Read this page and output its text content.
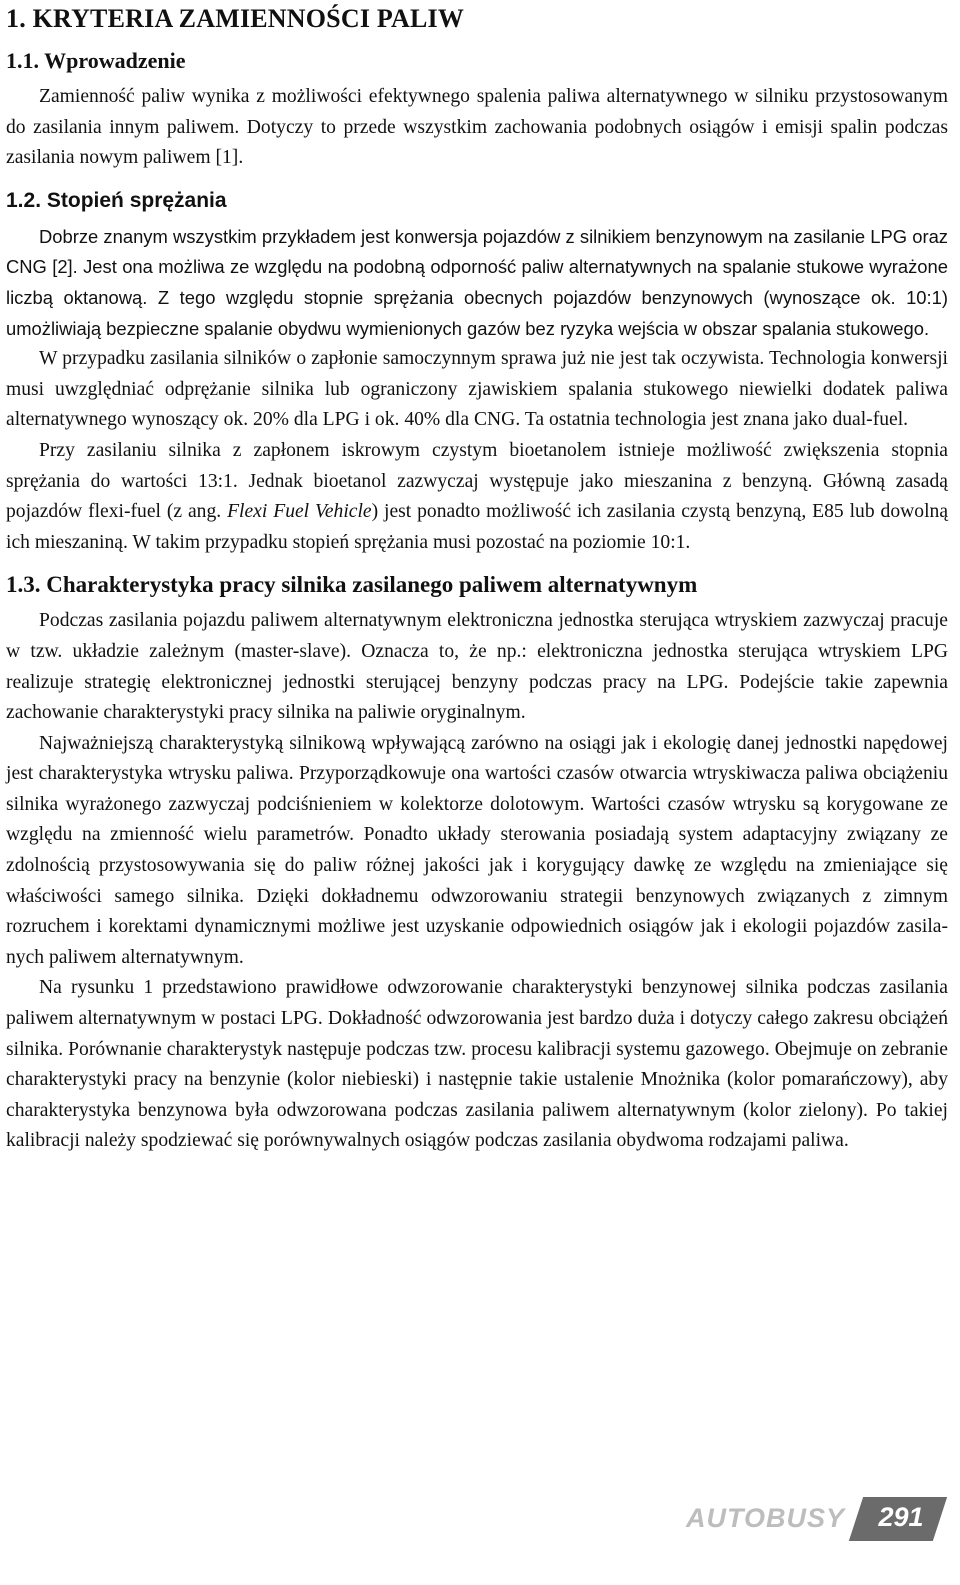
1. KRYTERIA ZAMIENNOŚCI PALIW
1.1. Wprowadzenie

Zamienność paliw wynika z możliwości efektywnego spalenia paliwa alternatywnego w silniku przystosowanym do zasilania innym paliwem. Dotyczy to przede wszystkim zachowania podobnych osiągów i emisji spalin podczas zasilania nowym paliwem [1].

1.2. Stopień sprężania

Dobrze znanym wszystkim przykładem jest konwersja pojazdów z silnikiem benzynowym na zasilanie LPG oraz CNG [2]. Jest ona możliwa ze względu na podobną odporność paliw alternatywnych na spalanie stukowe wyrażone liczbą oktanową. Z tego względu stopnie sprężania obecnych pojazdów benzynowych (wynoszące ok. 10:1) umożliwiają bezpieczne spalanie obydwu wymienionych gazów bez ryzyka wejścia w obszar spalania stukowego.

W przypadku zasilania silników o zapłonie samoczynnym sprawa już nie jest tak oczywista. Technologia konwersji musi uwzględniać odprężanie silnika lub ograniczony zjawiskiem spalania stukowego niewielki dodatek paliwa alternatywnego wynoszący ok. 20% dla LPG i ok. 40% dla CNG. Ta ostatnia technologia jest znana jako dual-fuel.

Przy zasilaniu silnika z zapłonem iskrowym czystym bioetanolem istnieje możliwość zwiększenia stopnia sprężania do wartości 13:1. Jednak bioetanol zazwyczaj występuje jako mieszanina z benzyną. Główną zasadą pojazdów flexi-fuel (z ang. Flexi Fuel Vehicle) jest ponadto możliwość ich zasilania czystą benzyną, E85 lub dowolną ich mieszaniną. W takim przypadku stopień sprężania musi pozostać na poziomie 10:1.

1.3. Charakterystyka pracy silnika zasilanego paliwem alternatywnym

Podczas zasilania pojazdu paliwem alternatywnym elektroniczna jednostka sterująca wtryskiem zazwyczaj pracuje w tzw. układzie zależnym (master-slave). Oznacza to, że np.: elektroniczna jednostka sterująca wtryskiem LPG realizuje strategię elektronicznej jednostki sterującej benzyny podczas pracy na LPG. Podejście takie zapewnia zachowanie charakterystyki pracy silnika na paliwie oryginalnym.

Najważniejszą charakterystyką silnikową wpływającą zarówno na osiągi jak i ekologię danej jednostki napędowej jest charakterystyka wtrysku paliwa. Przyporządkowuje ona wartości czasów otwarcia wtryskiwacza paliwa obciążeniu silnika wyrażonego zazwyczaj podciśnieniem w kolektorze dolotowym. Wartości czasów wtrysku są korygowane ze względu na zmienność wielu parametrów. Ponadto układy sterowania posiadają system adaptacyjny związany ze zdolnością przystosowywania się do paliw różnej jakości jak i korygujący dawkę ze względu na zmieniające się właściwości samego silnika. Dzięki dokładnemu odwzorowaniu strategii benzynowych związanych z zimnym rozruchem i korektami dynamicznymi możliwe jest uzyskanie odpowiednich osiągów jak i ekologii pojazdów zasilanych paliwem alternatywnym.

Na rysunku 1 przedstawiono prawidłowe odwzorowanie charakterystyki benzynowej silnika podczas zasilania paliwem alternatywnym w postaci LPG. Dokładność odwzorowania jest bardzo duża i dotyczy całego zakresu obciążeń silnika. Porównanie charakterystyk następuje podczas tzw. procesu kalibracji systemu gazowego. Obejmuje on zebranie charakterystyki pracy na benzynie (kolor niebieski) i następnie takie ustalenie Mnożnika (kolor pomarańczowy), aby charakterystyka benzynowa była odwzorowana podczas zasilania paliwem alternatywnym (kolor zielony). Po takiej kalibracji należy spodziewać się porównywalnych osiągów podczas zasilania obydwoma rodzajami paliwa.

AUTOBUSY	291
